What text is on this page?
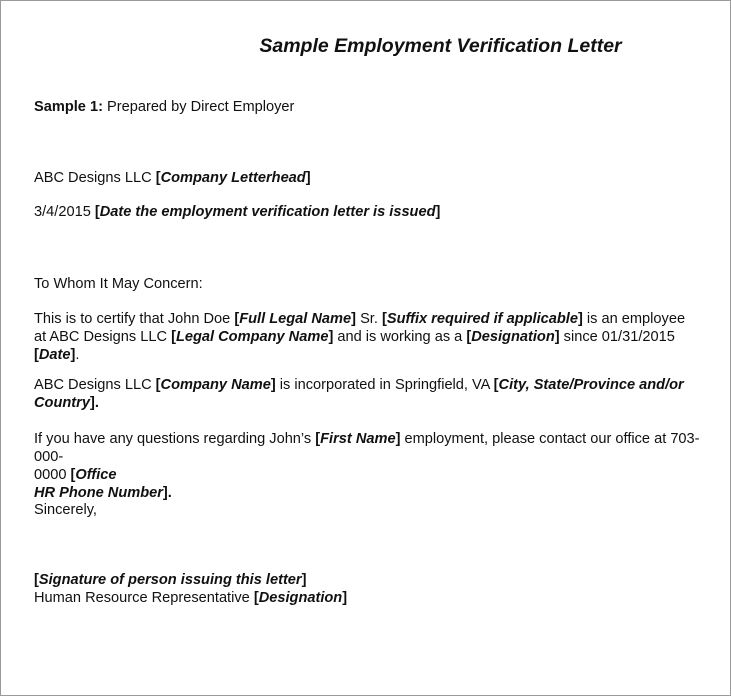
Sample Employment Verification Letter

Sample 1: Prepared by Direct Employer

ABC Designs LLC [Company Letterhead]

3/4/2015 [Date the employment verification letter is issued]

To Whom It May Concern:

This is to certify that John Doe [Full Legal Name] Sr. [Suffix required if applicable] is an employee
at ABC Designs LLC [Legal Company Name] and is working as a [Designation] since 01/31/2015
[Date].

ABC Designs LLC [Company Name] is incorporated in Springfield, VA [City, State/Province and/or
Country].

If you have any questions regarding John’s [First Name] employment, please contact our office at 703-000-
0000 [Office
HR Phone Number].

Sincerely,

[Signature of person issuing this letter]
Human Resource Representative [Designation]
